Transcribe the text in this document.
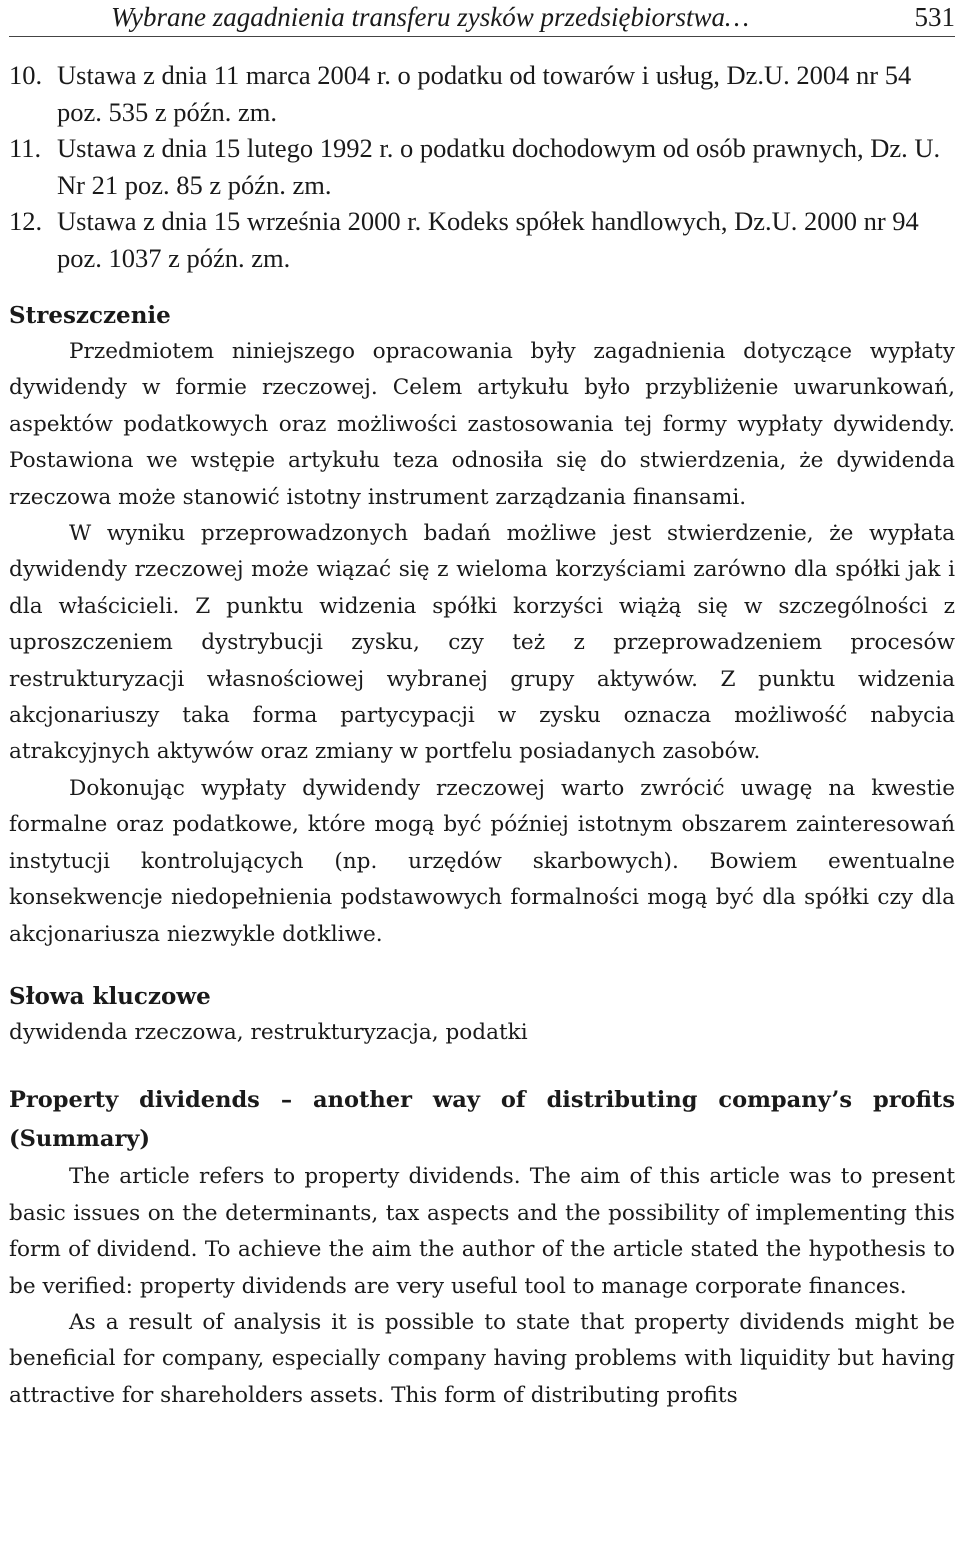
Wybrane zagadnienia transferu zysków przedsiębiorstwa…	531
10. Ustawa z dnia 11 marca 2004 r. o podatku od towarów i usług, Dz.U. 2004 nr 54 poz. 535 z późn. zm.
11. Ustawa z dnia 15 lutego 1992 r. o podatku dochodowym od osób prawnych, Dz. U. Nr 21 poz. 85 z późn. zm.
12. Ustawa z dnia 15 września 2000 r. Kodeks spółek handlowych, Dz.U. 2000 nr 94 poz. 1037 z późn. zm.
Streszczenie

Przedmiotem niniejszego opracowania były zagadnienia dotyczące wypłaty dywidendy w formie rzeczowej. Celem artykułu było przybliżenie uwarunkowań, aspektów podatkowych oraz możliwości zastosowania tej formy wypłaty dywidendy. Postawiona we wstępie artykułu teza odnosiła się do stwierdzenia, że dywidenda rzeczowa może stanowić istotny instrument zarządzania finansami.

W wyniku przeprowadzonych badań możliwe jest stwierdzenie, że wypłata dywidendy rzeczowej może wiązać się z wieloma korzyściami zarówno dla spółki jak i dla właścicieli. Z punktu widzenia spółki korzyści wiążą się w szczególności z uproszczeniem dystrybucji zysku, czy też z przeprowadzeniem procesów restrukturyzacji własnościowej wybranej grupy aktywów. Z punktu widzenia akcjonariuszy taka forma partycypacji w zysku oznacza możliwość nabycia atrakcyjnych aktywów oraz zmiany w portfelu posiadanych zasobów.

Dokonując wypłaty dywidendy rzeczowej warto zwrócić uwagę na kwestie formalne oraz podatkowe, które mogą być później istotnym obszarem zainteresowań instytucji kontrolujących (np. urzędów skarbowych). Bowiem ewentualne konsekwencje niedopełnienia podstawowych formalności mogą być dla spółki czy dla akcjonariusza niezwykle dotkliwe.

Słowa kluczowe

dywidenda rzeczowa, restrukturyzacja, podatki

Property dividends – another way of distributing company’s profits (Summary)

The article refers to property dividends. The aim of this article was to present basic issues on the determinants, tax aspects and the possibility of implementing this form of dividend. To achieve the aim the author of the article stated the hypothesis to be verified: property dividends are very useful tool to manage corporate finances.

As a result of analysis it is possible to state that property dividends might be beneficial for company, especially company having problems with liquidity but having attractive for shareholders assets. This form of distributing profits
